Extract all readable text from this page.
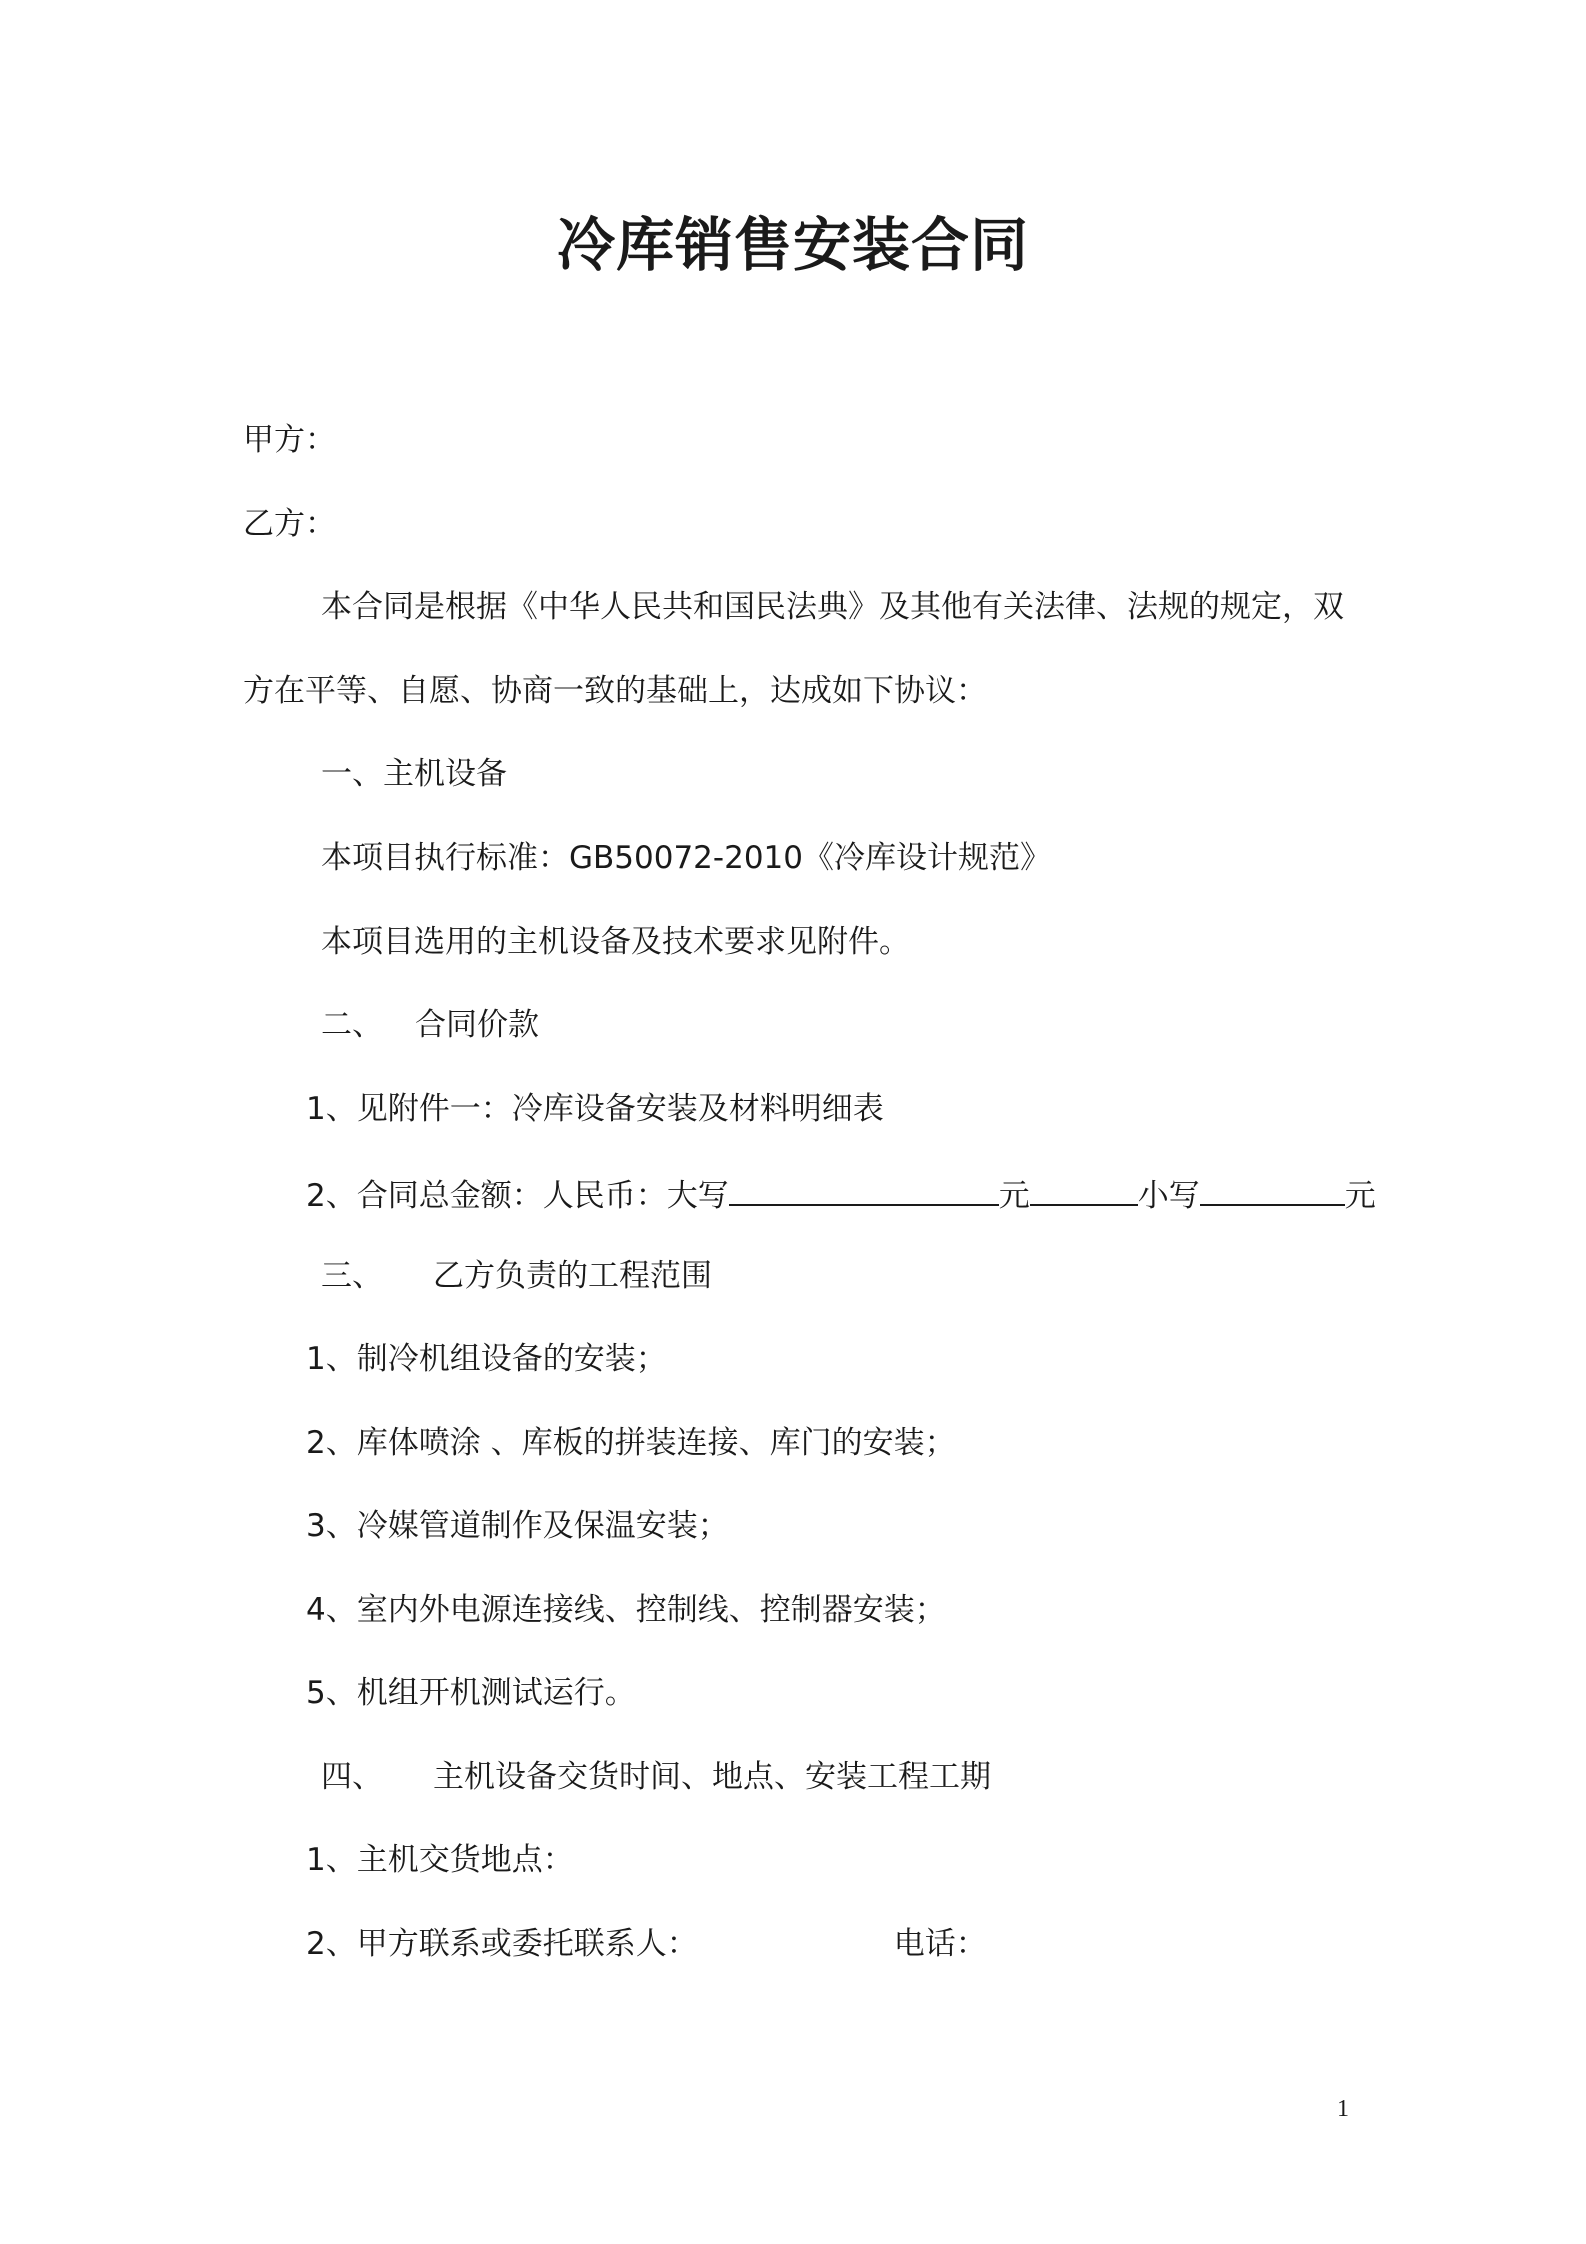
冷库销售安装合同
甲方：
乙方：
本合同是根据《中华人民共和国民法典》及其他有关法律、法规的规定，双
方在平等、自愿、协商一致的基础上，达成如下协议：
一、主机设备
本项目执行标准：GB50072-2010《冷库设计规范》
本项目选用的主机设备及技术要求见附件。
二、 合同价款
1、见附件一：冷库设备安装及材料明细表
2、合同总金额：人民币：大写	元	小写	元
三、 乙方负责的工程范围
1、制冷机组设备的安装；
2、库体喷涂 、库板的拼装连接、库门的安装；
3、冷媒管道制作及保温安装；
4、室内外电源连接线、控制线、控制器安装；
5、机组开机测试运行。
四、 主机设备交货时间、地点、安装工程工期
1、主机交货地点：
2、甲方联系或委托联系人：	电话：
1
